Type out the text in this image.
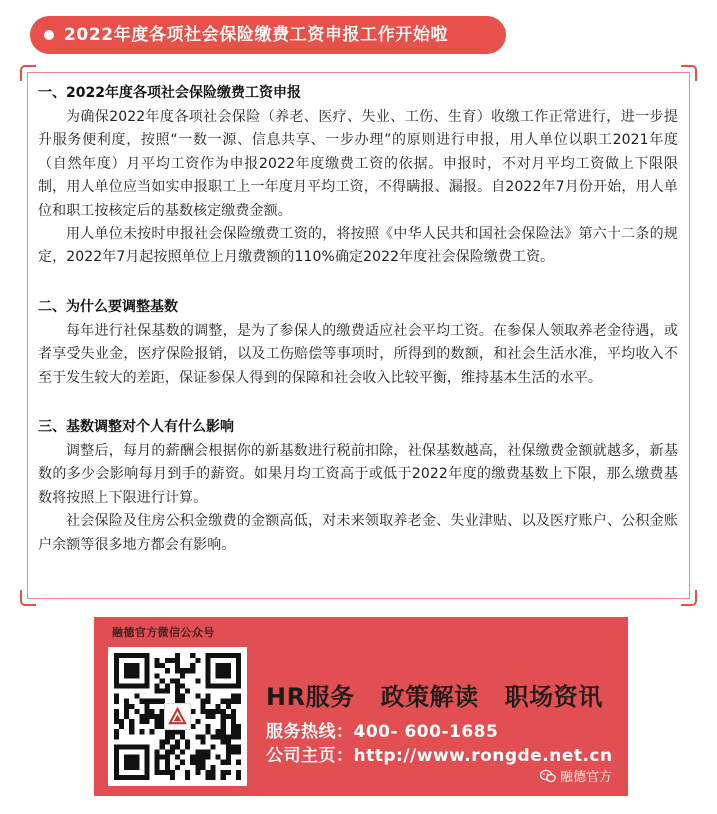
2022年度各项社会保险缴费工资申报工作开始啦
一、2022年度各项社会保险缴费工资申报

为确保2022年度各项社会保险（养老、医疗、失业、工伤、生育）收缴工作正常进行，进一步提升服务便利度，按照“一数一源、信息共享、一步办理”的原则进行申报，用人单位以职工2021年度（自然年度）月平均工资作为申报2022年度缴费工资的依据。申报时，不对月平均工资做上下限限制，用人单位应当如实申报职工上一年度月平均工资，不得瞒报、漏报。自2022年7月份开始，用人单位和职工按核定后的基数核定缴费金额。

用人单位未按时申报社会保险缴费工资的，将按照《中华人民共和国社会保险法》第六十二条的规定，2022年7月起按照单位上月缴费额的110%确定2022年度社会保险缴费工资。

二、为什么要调整基数

每年进行社保基数的调整，是为了参保人的缴费适应社会平均工资。在参保人领取养老金待遇，或者享受失业金，医疗保险报销，以及工伤赔偿等事项时，所得到的数额，和社会生活水准，平均收入不至于发生较大的差距，保证参保人得到的保障和社会收入比较平衡，维持基本生活的水平。

三、基数调整对个人有什么影响

调整后，每月的薪酬会根据你的新基数进行税前扣除，社保基数越高，社保缴费金额就越多，新基数的多少会影响每月到手的薪资。如果月均工资高于或低于2022年度的缴费基数上下限，那么缴费基数将按照上下限进行计算。

社会保险及住房公积金缴费的金额高低，对未来领取养老金、失业津贴、以及医疗账户、公积金账户余额等很多地方都会有影响。

融德官方微信公众号
HR服务 政策解读 职场资讯
服务热线：400- 600-1685
公司主页：http://www.rongde.net.cn
融德官方
